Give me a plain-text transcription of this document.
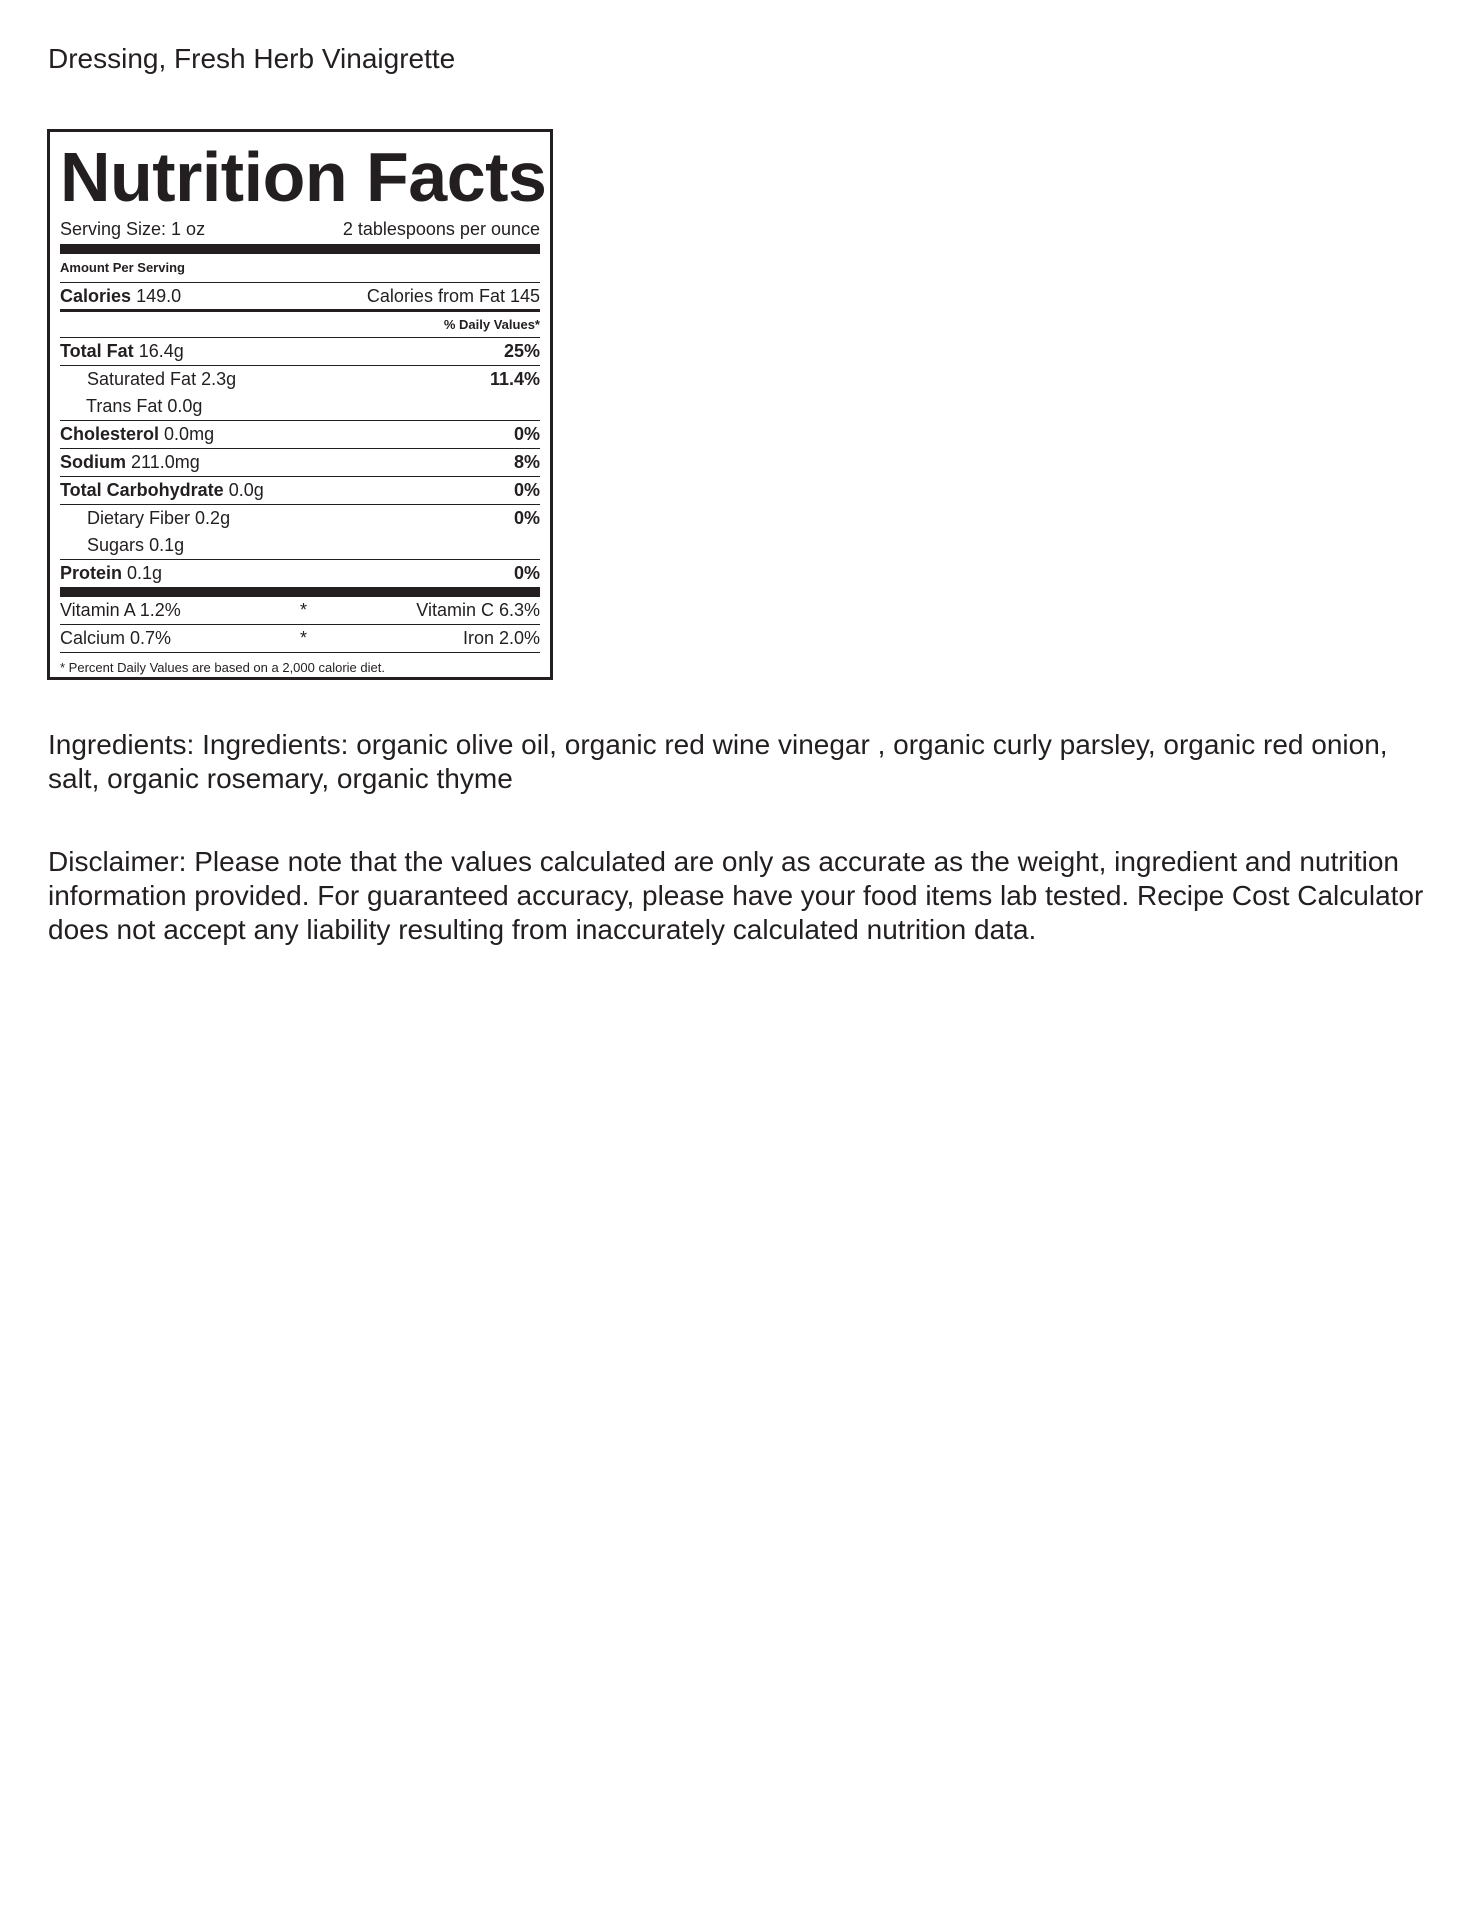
Dressing, Fresh Herb Vinaigrette
Nutrition Facts
Serving Size: 1 oz	2 tablespoons per ounce
Amount Per Serving
Calories 149.0	Calories from Fat 145
% Daily Values*
Total Fat 16.4g	25%
Saturated Fat 2.3g	11.4%
Trans Fat 0.0g
Cholesterol 0.0mg	0%
Sodium 211.0mg	8%
Total Carbohydrate 0.0g	0%
Dietary Fiber 0.2g	0%
Sugars 0.1g
Protein 0.1g	0%
Vitamin A 1.2%	*	Vitamin C 6.3%
Calcium 0.7%	*	Iron 2.0%
* Percent Daily Values are based on a 2,000 calorie diet.
Ingredients: Ingredients: organic olive oil, organic red wine vinegar , organic curly parsley, organic red onion, salt, organic rosemary, organic thyme
Disclaimer: Please note that the values calculated are only as accurate as the weight, ingredient and nutrition information provided. For guaranteed accuracy, please have your food items lab tested. Recipe Cost Calculator does not accept any liability resulting from inaccurately calculated nutrition data.
